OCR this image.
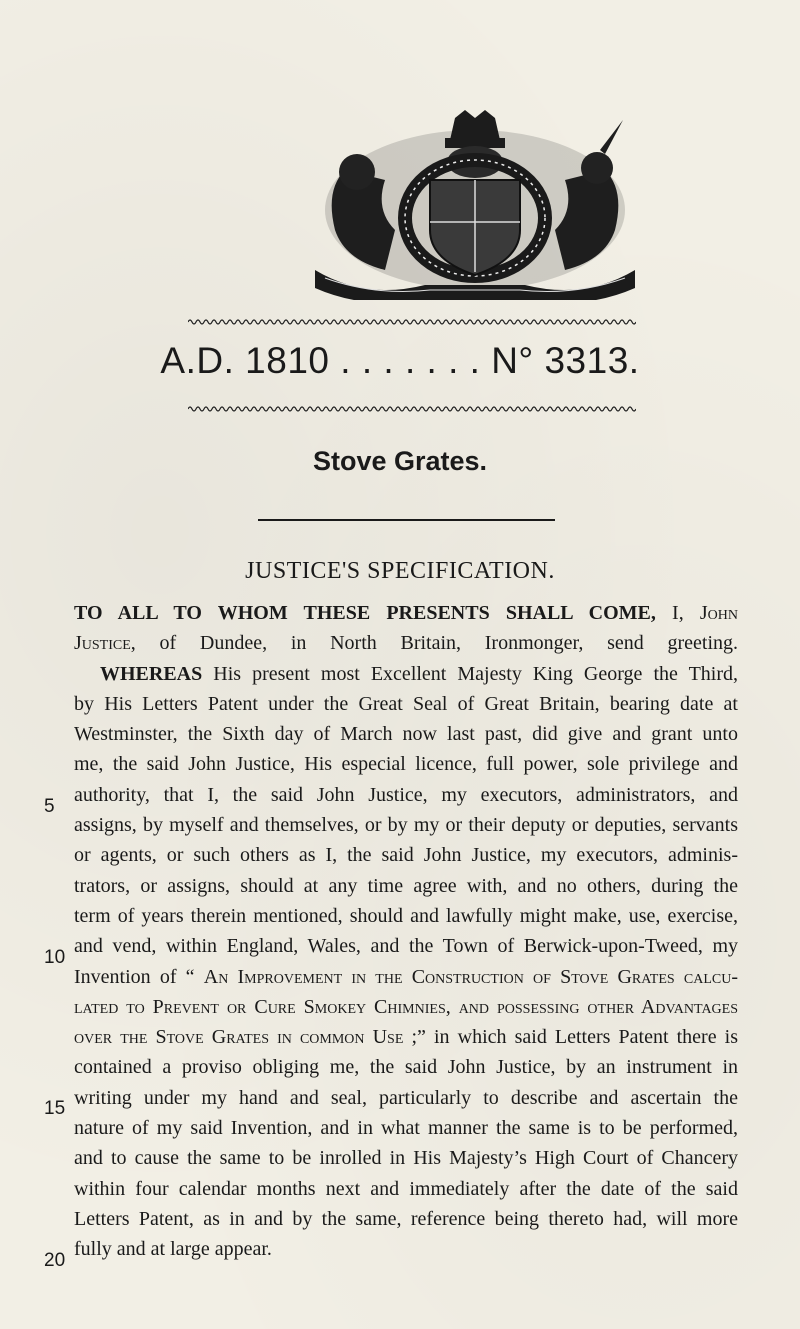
A.D. 1810 . . . . . . . N° 3313.
Stove Grates.
JUSTICE'S SPECIFICATION.
TO ALL TO WHOM THESE PRESENTS SHALL COME, I, John
Justice, of Dundee, in North Britain, Ironmonger, send greeting.
WHEREAS His present most Excellent Majesty King George the Third,
by His Letters Patent under the Great Seal of Great Britain, bearing date at
Westminster, the Sixth day of March now last past, did give and grant unto
me, the said John Justice, His especial licence, full power, sole privilege and
authority, that I, the said John Justice, my executors, administrators, and
assigns, by myself and themselves, or by my or their deputy or deputies, servants
or agents, or such others as I, the said John Justice, my executors, adminis-
trators, or assigns, should at any time agree with, and no others, during the
term of years therein mentioned, should and lawfully might make, use, exercise,
and vend, within England, Wales, and the Town of Berwick-upon-Tweed, my
Invention of “ An Improvement in the Construction of Stove Grates calcu-
lated to Prevent or Cure Smokey Chimnies, and possessing other Advantages
over the Stove Grates in common Use ;” in which said Letters Patent there is
contained a proviso obliging me, the said John Justice, by an instrument in
writing under my hand and seal, particularly to describe and ascertain the
nature of my said Invention, and in what manner the same is to be performed,
and to cause the same to be inrolled in His Majesty’s High Court of Chancery
within four calendar months next and immediately after the date of the said
Letters Patent, as in and by the same, reference being thereto had, will more
fully and at large appear.
5
10
15
20
